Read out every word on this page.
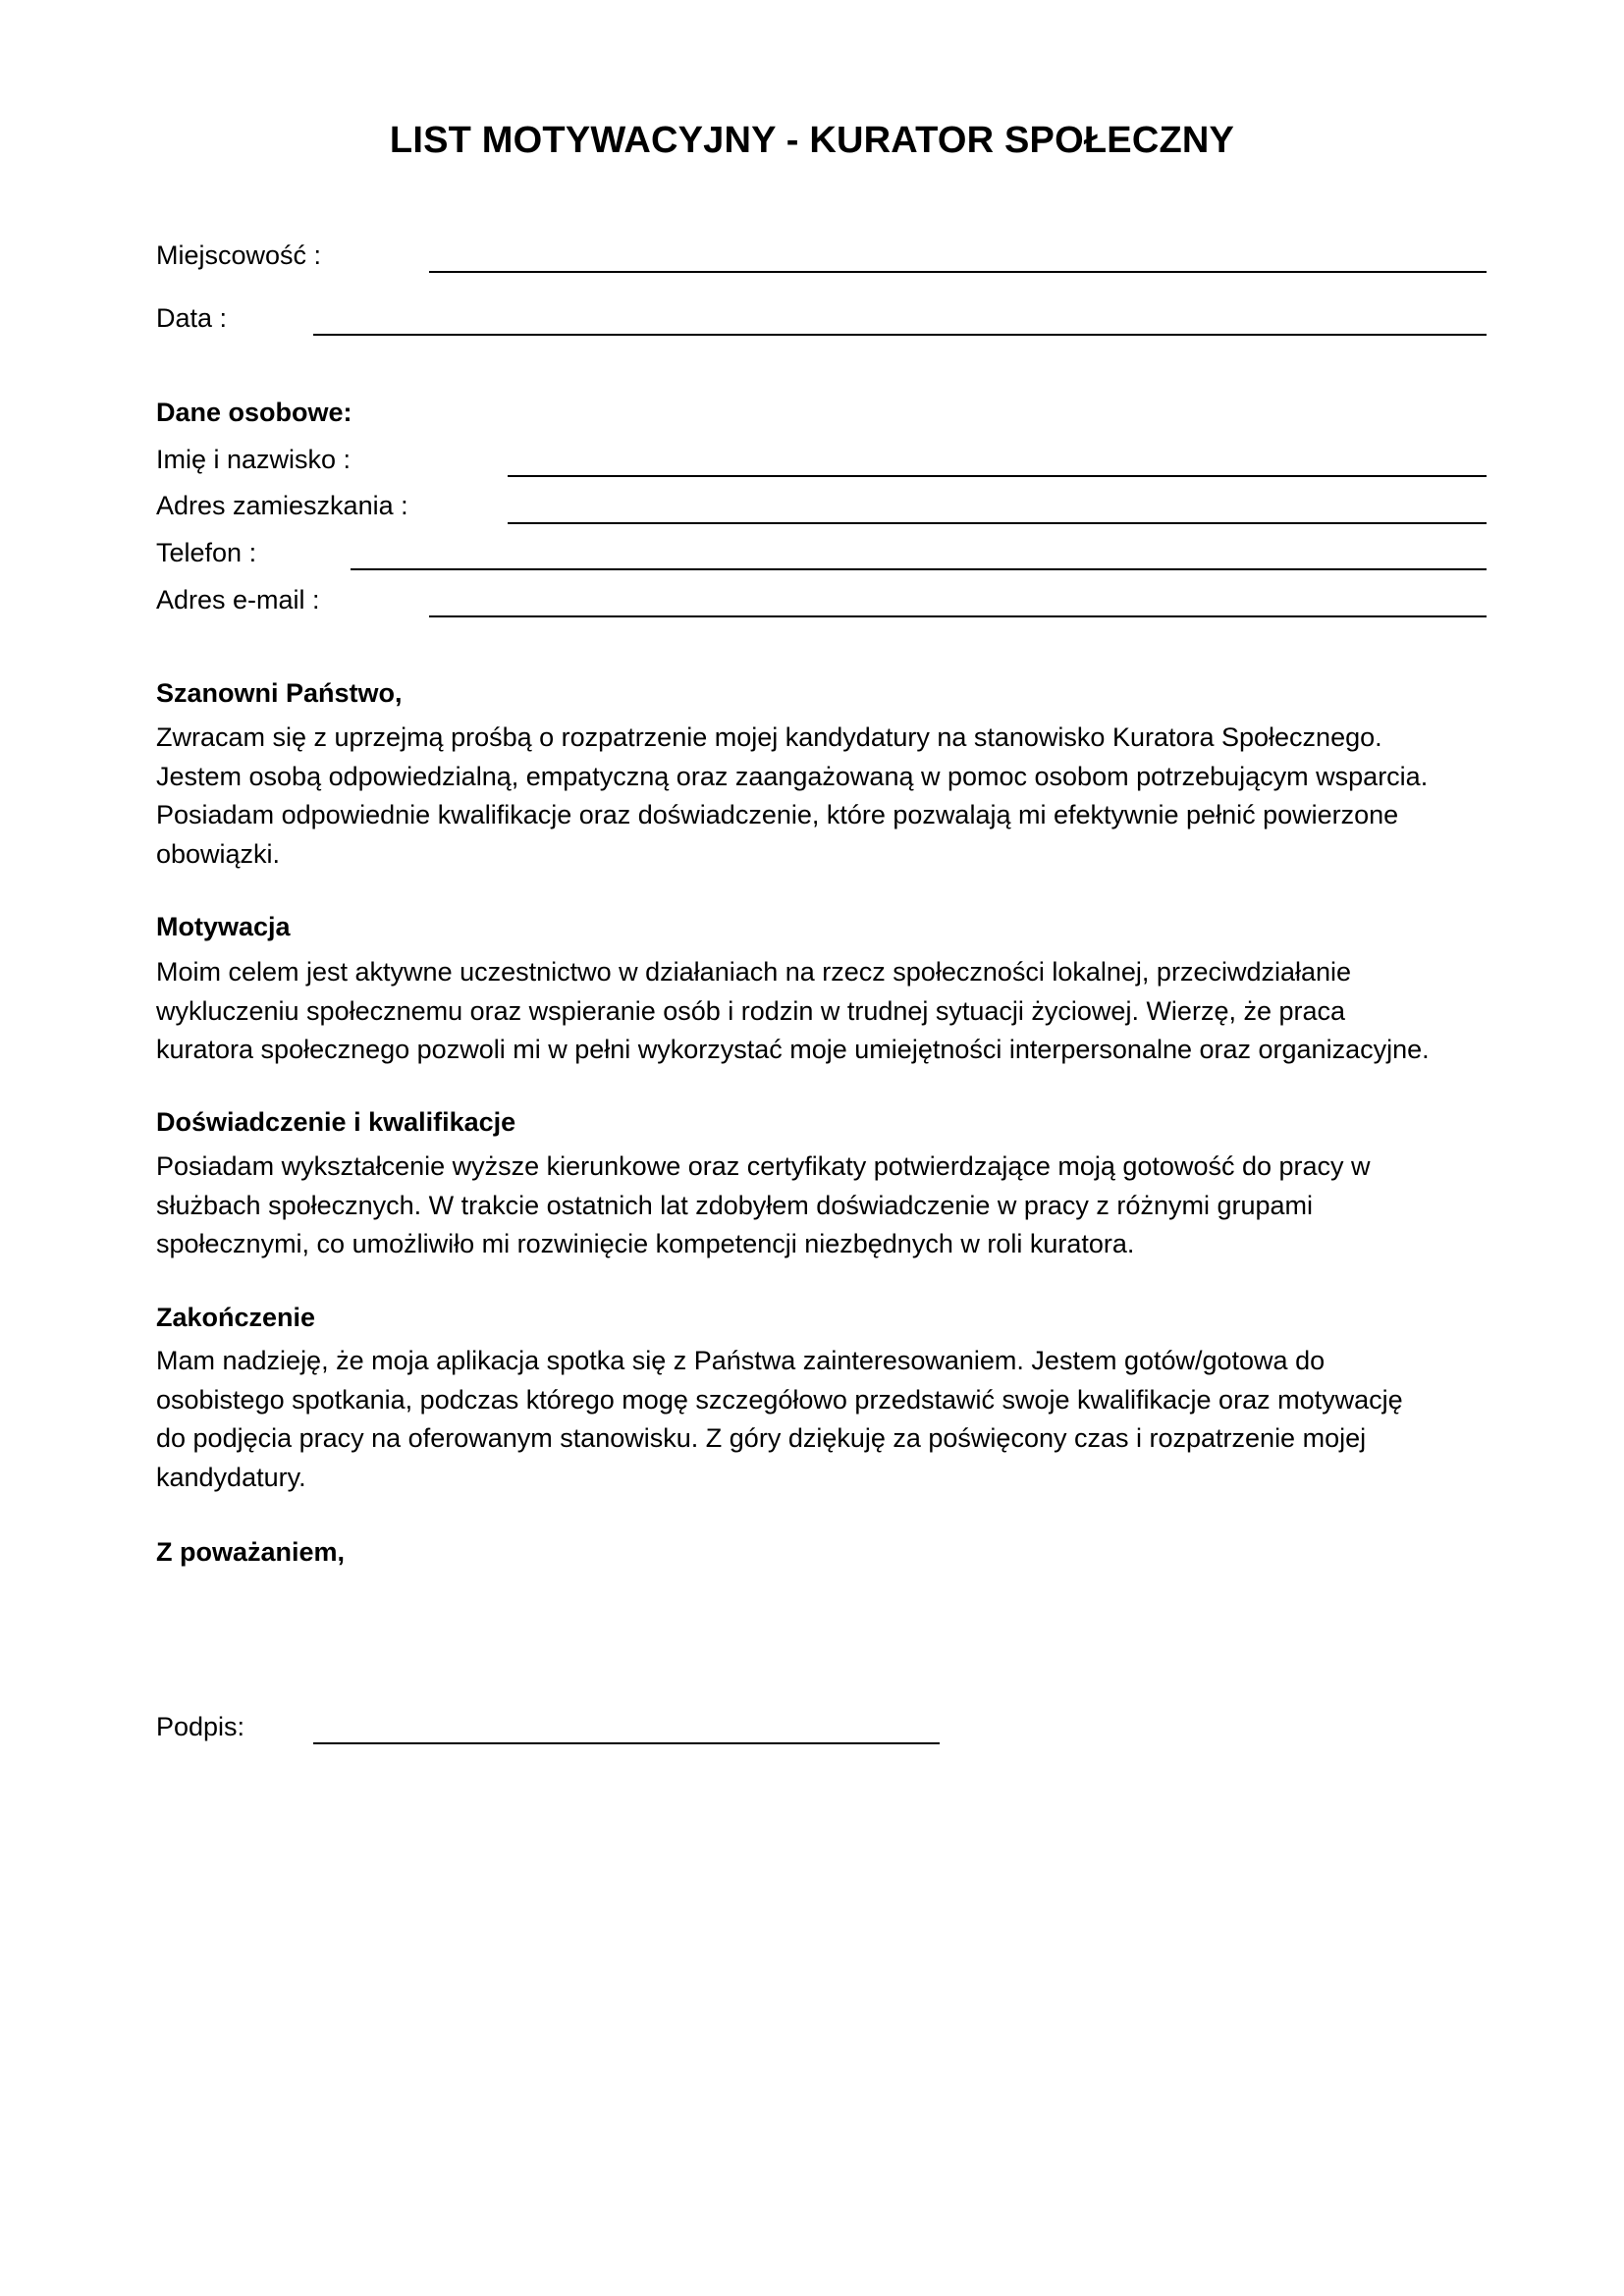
LIST MOTYWACYJNY - KURATOR SPOŁECZNY
Miejscowość :
Data :
Dane osobowe:
Imię i nazwisko :
Adres zamieszkania :
Telefon :
Adres e-mail :
Szanowni Państwo,

Zwracam się z uprzejmą prośbą o rozpatrzenie mojej kandydatury na stanowisko Kuratora Społecznego.
Jestem osobą odpowiedzialną, empatyczną oraz zaangażowaną w pomoc osobom potrzebującym wsparcia.
Posiadam odpowiednie kwalifikacje oraz doświadczenie, które pozwalają mi efektywnie pełnić powierzone
obowiązki.

Motywacja

Moim celem jest aktywne uczestnictwo w działaniach na rzecz społeczności lokalnej, przeciwdziałanie
wykluczeniu społecznemu oraz wspieranie osób i rodzin w trudnej sytuacji życiowej. Wierzę, że praca
kuratora społecznego pozwoli mi w pełni wykorzystać moje umiejętności interpersonalne oraz organizacyjne.

Doświadczenie i kwalifikacje

Posiadam wykształcenie wyższe kierunkowe oraz certyfikaty potwierdzające moją gotowość do pracy w
służbach społecznych. W trakcie ostatnich lat zdobyłem doświadczenie w pracy z różnymi grupami
społecznymi, co umożliwiło mi rozwinięcie kompetencji niezbędnych w roli kuratora.

Zakończenie

Mam nadzieję, że moja aplikacja spotka się z Państwa zainteresowaniem. Jestem gotów/gotowa do
osobistego spotkania, podczas którego mogę szczegółowo przedstawić swoje kwalifikacje oraz motywację
do podjęcia pracy na oferowanym stanowisku. Z góry dziękuję za poświęcony czas i rozpatrzenie mojej
kandydatury.

Z poważaniem,
Podpis:
